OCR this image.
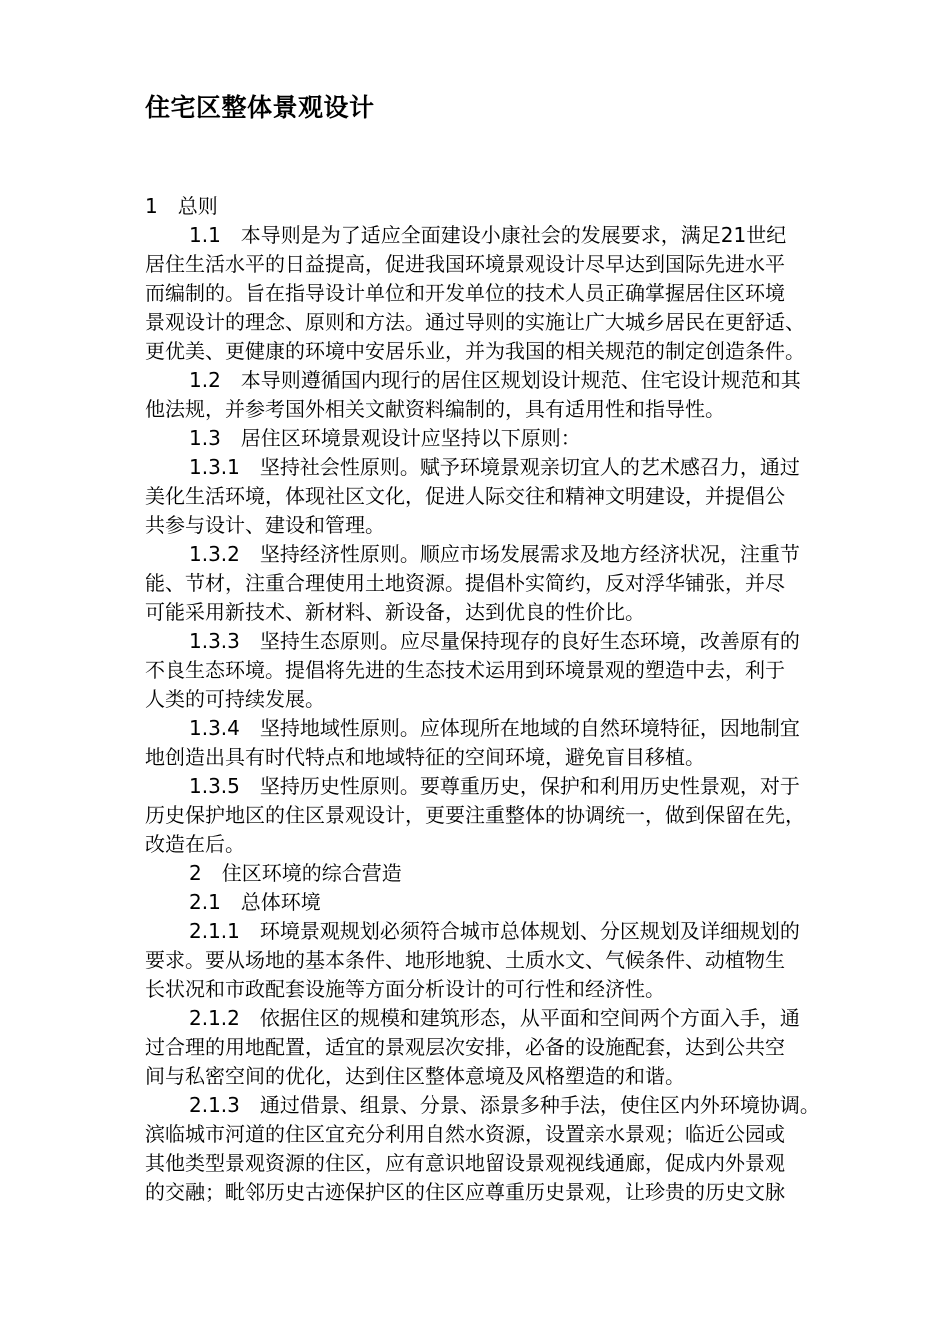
住宅区整体景观设计
1　总则
1.1　本导则是为了适应全面建设小康社会的发展要求，满足21世纪
居住生活水平的日益提高，促进我国环境景观设计尽早达到国际先进水平
而编制的。旨在指导设计单位和开发单位的技术人员正确掌握居住区环境
景观设计的理念、原则和方法。通过导则的实施让广大城乡居民在更舒适、
更优美、更健康的环境中安居乐业，并为我国的相关规范的制定创造条件。
1.2　本导则遵循国内现行的居住区规划设计规范、住宅设计规范和其
他法规，并参考国外相关文献资料编制的，具有适用性和指导性。
1.3　居住区环境景观设计应坚持以下原则：
1.3.1　坚持社会性原则。赋予环境景观亲切宜人的艺术感召力，通过
美化生活环境，体现社区文化，促进人际交往和精神文明建设，并提倡公
共参与设计、建设和管理。
1.3.2　坚持经济性原则。顺应市场发展需求及地方经济状况，注重节
能、节材，注重合理使用土地资源。提倡朴实简约，反对浮华铺张，并尽
可能采用新技术、新材料、新设备，达到优良的性价比。
1.3.3　坚持生态原则。应尽量保持现存的良好生态环境，改善原有的
不良生态环境。提倡将先进的生态技术运用到环境景观的塑造中去，利于
人类的可持续发展。
1.3.4　坚持地域性原则。应体现所在地域的自然环境特征，因地制宜
地创造出具有时代特点和地域特征的空间环境，避免盲目移植。
1.3.5　坚持历史性原则。要尊重历史，保护和利用历史性景观，对于
历史保护地区的住区景观设计，更要注重整体的协调统一，做到保留在先，
改造在后。
2　住区环境的综合营造
2.1　总体环境
2.1.1　环境景观规划必须符合城市总体规划、分区规划及详细规划的
要求。要从场地的基本条件、地形地貌、土质水文、气候条件、动植物生
长状况和市政配套设施等方面分析设计的可行性和经济性。
2.1.2　依据住区的规模和建筑形态，从平面和空间两个方面入手，通
过合理的用地配置，适宜的景观层次安排，必备的设施配套，达到公共空
间与私密空间的优化，达到住区整体意境及风格塑造的和谐。
2.1.3　通过借景、组景、分景、添景多种手法，使住区内外环境协调。
滨临城市河道的住区宜充分利用自然水资源，设置亲水景观；临近公园或
其他类型景观资源的住区，应有意识地留设景观视线通廊，促成内外景观
的交融；毗邻历史古迹保护区的住区应尊重历史景观，让珍贵的历史文脉
